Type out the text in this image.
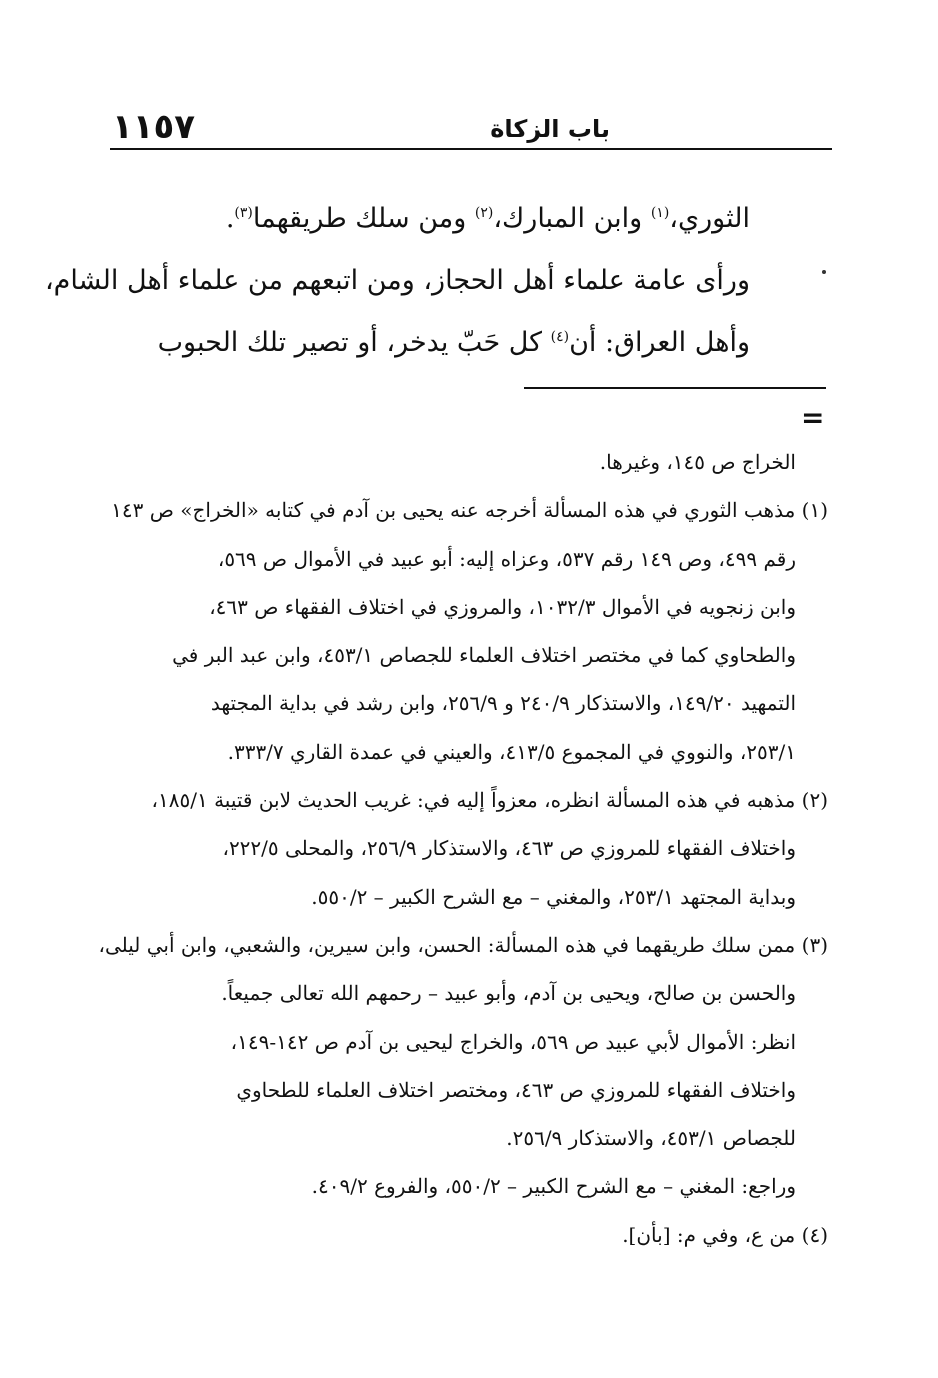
باب الزكاة
١١٥٧

الثوري،$^{(١)}$ وابن المبارك،$^{(٢)}$ ومن سلك طريقهما$^{(٣)}$.

ورأى عامة علماء أهل الحجاز، ومن اتبعهم من علماء أهل الشام،

وأهل العراق: أن$^{(٤)}$ كل حَبّ يدخر، أو تصير تلك الحبوب

=

الخراج ص ١٤٥، وغيرها.

(١) مذهب الثوري في هذه المسألة أخرجه عنه يحيى بن آدم في كتابه «الخراج» ص ١٤٣

رقم ٤٩٩، وص ١٤٩ رقم ٥٣٧، وعزاه إليه: أبو عبيد في الأموال ص ٥٦٩،

وابن زنجويه في الأموال ١٠٣٢/٣، والمروزي في اختلاف الفقهاء ص ٤٦٣،

والطحاوي كما في مختصر اختلاف العلماء للجصاص ٤٥٣/١، وابن عبد البر في

التمهيد ١٤٩/٢٠، والاستذكار ٢٤٠/٩ و ٢٥٦/٩، وابن رشد في بداية المجتهد

٢٥٣/١، والنووي في المجموع ٤١٣/٥، والعيني في عمدة القاري ٣٣٣/٧.

(٢) مذهبه في هذه المسألة انظره، معزواً إليه في: غريب الحديث لابن قتيبة ١٨٥/١،

واختلاف الفقهاء للمروزي ص ٤٦٣، والاستذكار ٢٥٦/٩، والمحلى ٢٢٢/٥،

وبداية المجتهد ٢٥٣/١، والمغني – مع الشرح الكبير – ٥٥٠/٢.

(٣) ممن سلك طريقهما في هذه المسألة: الحسن، وابن سيرين، والشعبي، وابن أبي ليلى،

والحسن بن صالح، ويحيى بن آدم، وأبو عبيد – رحمهم الله تعالى جميعاً.

انظر: الأموال لأبي عبيد ص ٥٦٩، والخراج ليحيى بن آدم ص ١٤٢-١٤٩،

واختلاف الفقهاء للمروزي ص ٤٦٣، ومختصر اختلاف العلماء للطحاوي

للجصاص ٤٥٣/١، والاستذكار ٢٥٦/٩.

وراجع: المغني – مع الشرح الكبير – ٥٥٠/٢، والفروع ٤٠٩/٢.

(٤) من ع، وفي م: [بأن].
